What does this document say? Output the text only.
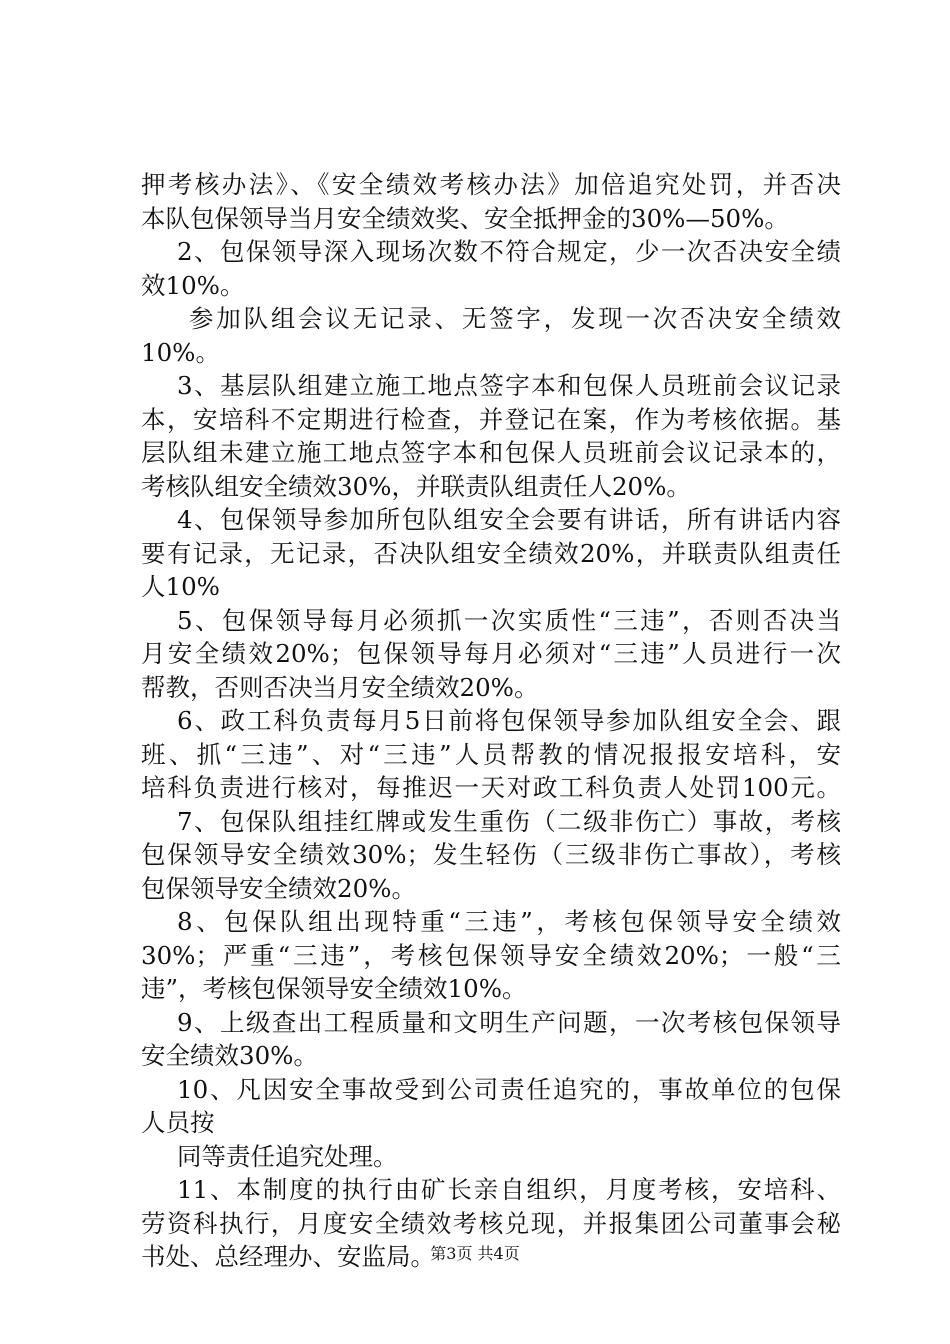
押考核办法》、《安全绩效考核办法》加倍追究处罚，并否决
本队包保领导当月安全绩效奖、安全抵押金的30%—50%。
2、包保领导深入现场次数不符合规定，少一次否决安全绩
效10%。
参加队组会议无记录、无签字，发现一次否决安全绩效
10%。
3、基层队组建立施工地点签字本和包保人员班前会议记录
本，安培科不定期进行检查，并登记在案，作为考核依据。基
层队组未建立施工地点签字本和包保人员班前会议记录本的，
考核队组安全绩效30%，并联责队组责任人20%。
4、包保领导参加所包队组安全会要有讲话，所有讲话内容
要有记录，无记录，否决队组安全绩效20%，并联责队组责任
人10%
5、包保领导每月必须抓一次实质性“三违”，否则否决当
月安全绩效20%；包保领导每月必须对“三违”人员进行一次
帮教，否则否决当月安全绩效20%。
6、政工科负责每月5日前将包保领导参加队组安全会、跟
班、抓“三违”、对“三违”人员帮教的情况报报安培科，安
培科负责进行核对，每推迟一天对政工科负责人处罚100元。
7、包保队组挂红牌或发生重伤（二级非伤亡）事故，考核
包保领导安全绩效30%；发生轻伤（三级非伤亡事故），考核
包保领导安全绩效20%。
8、包保队组出现特重“三违”，考核包保领导安全绩效
30%；严重“三违”，考核包保领导安全绩效20%；一般“三
违”，考核包保领导安全绩效10%。
9、上级查出工程质量和文明生产问题，一次考核包保领导
安全绩效30%。
10、凡因安全事故受到公司责任追究的，事故单位的包保
人员按
同等责任追究处理。
11、本制度的执行由矿长亲自组织，月度考核，安培科、
劳资科执行，月度安全绩效考核兑现，并报集团公司董事会秘
书处、总经理办、安监局。
第3页 共4页
